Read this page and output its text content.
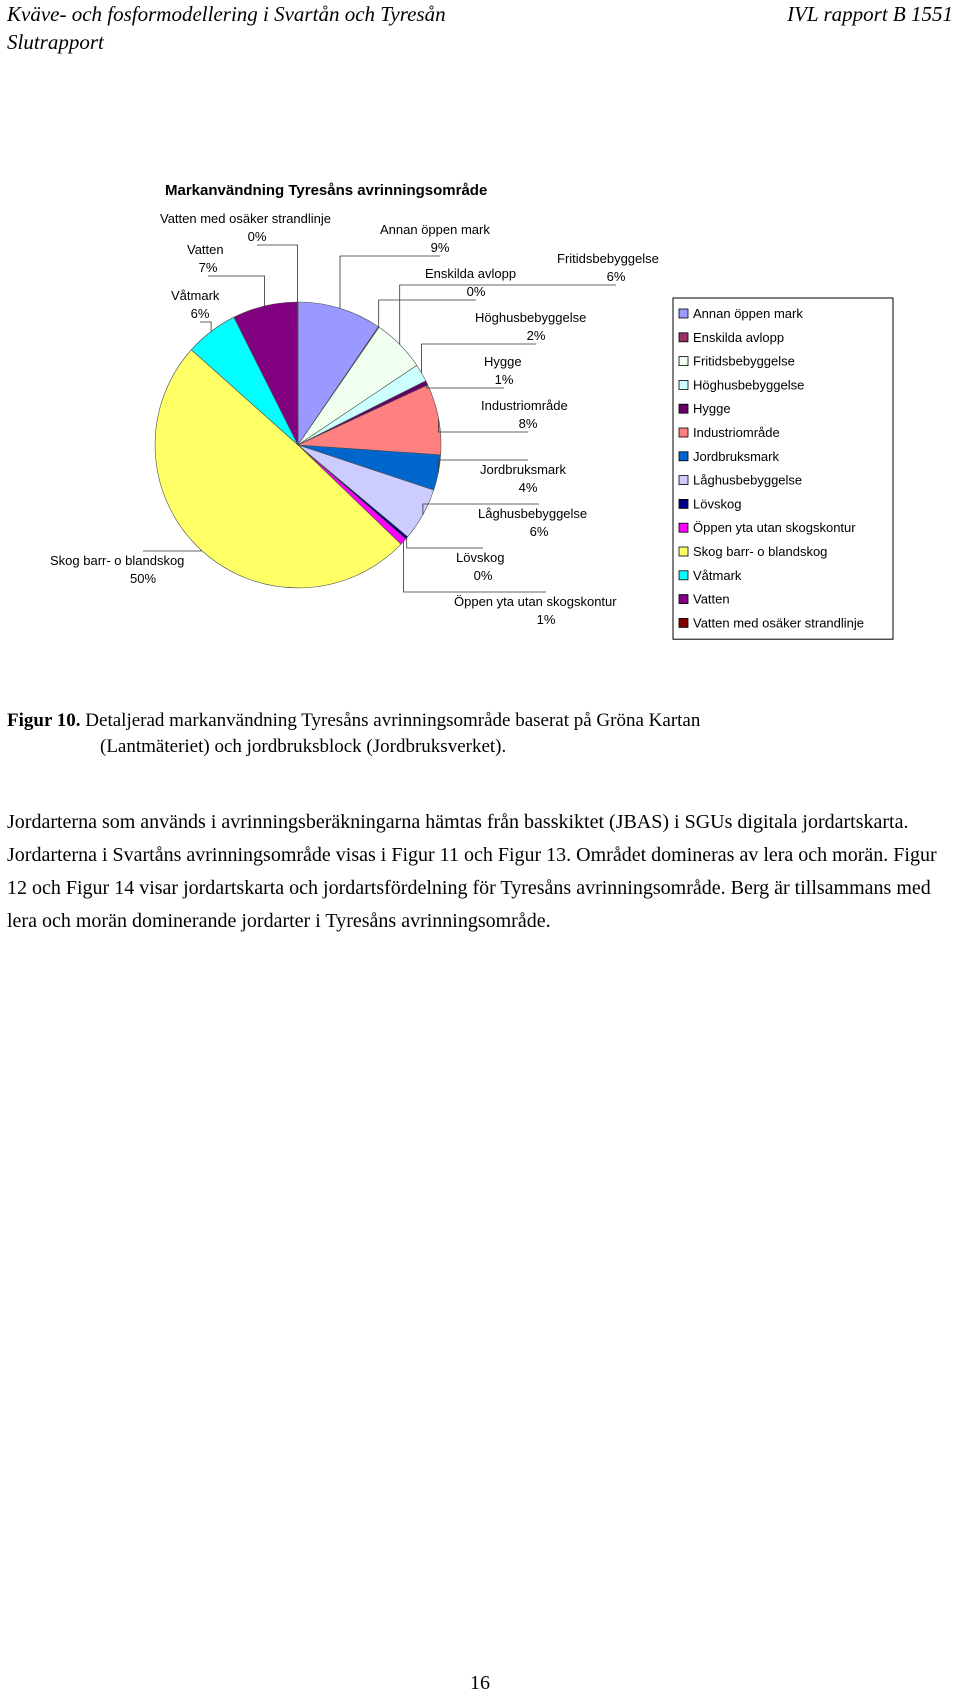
Kväve- och fosformodellering i Svartån och Tyresån
Slutrapport
IVL rapport B 1551
Markanvändning Tyresåns avrinningsområde
Annan öppen mark
9%
Enskilda avlopp
0%
Fritidsbebyggelse
6%
Höghusbebyggelse
2%
Hygge
1%
Industriområde
8%
Jordbruksmark
4%
Låghusbebyggelse
6%
Lövskog
0%
Öppen yta utan skogskontur
1%
Skog barr- o blandskog
50%
Våtmark
6%
Vatten
7%
Vatten med osäker strandlinje
0%
Annan öppen mark
Enskilda avlopp
Fritidsbebyggelse
Höghusbebyggelse
Hygge
Industriområde
Jordbruksmark
Låghusbebyggelse
Lövskog
Öppen yta utan skogskontur
Skog barr- o blandskog
Våtmark
Vatten
Vatten med osäker strandlinje
Figur 10. Detaljerad markanvändning Tyresåns avrinningsområde baserat på Gröna Kartan
(Lantmäteriet) och jordbruksblock (Jordbruksverket).

Jordarterna som används i avrinningsberäkningarna hämtas från basskiktet (JBAS) i SGUs digitala jordartskarta. Jordarterna i Svartåns avrinningsområde visas i Figur 11 och Figur 13. Området domineras av lera och morän. Figur 12 och Figur 14 visar jordartskarta och jordartsfördelning för Tyresåns avrinningsområde. Berg är tillsammans med lera och morän dominerande jordarter i Tyresåns avrinningsområde.

16
